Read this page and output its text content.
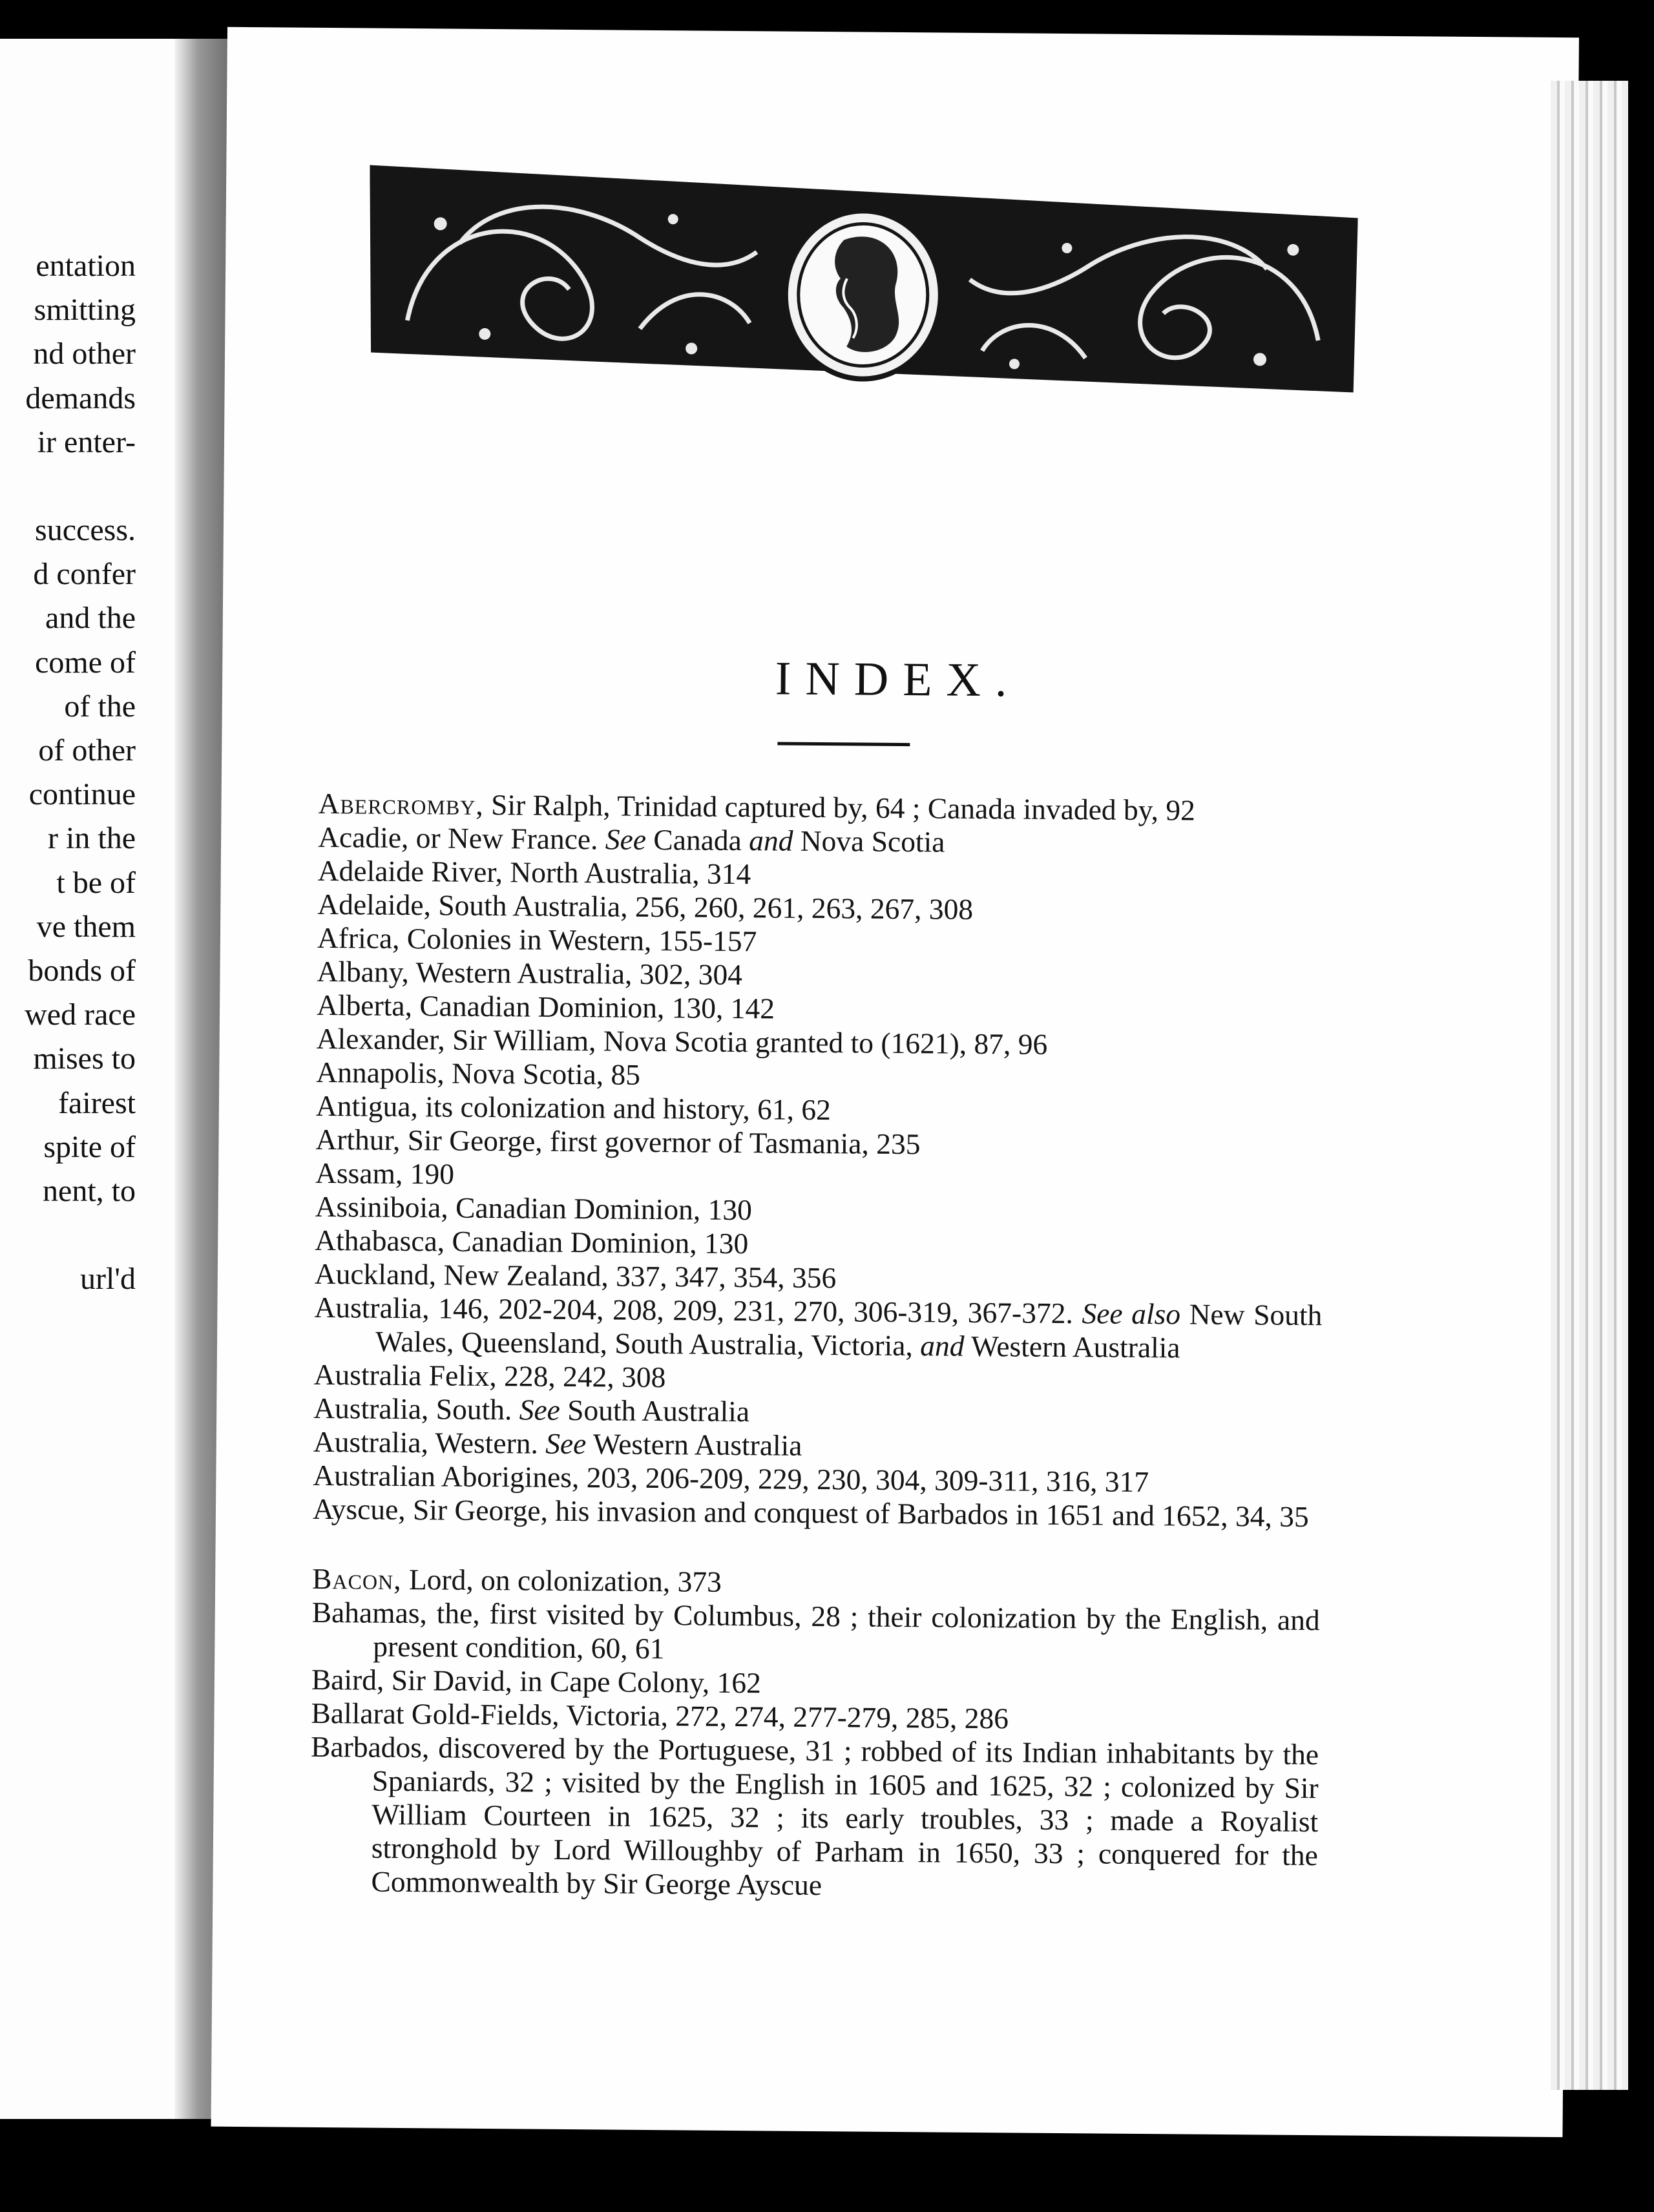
entation
smitting
nd other
demands
ir enter-
success.
d confer
and the
come of
of the
of other
continue
r in the
t be of
ve them
bonds of
wed race
mises to
fairest
spite of
nent, to
url'd
INDEX.
Abercromby, Sir Ralph, Trinidad captured by, 64 ; Canada invaded by, 92
Acadie, or New France. See Canada and Nova Scotia
Adelaide River, North Australia, 314
Adelaide, South Australia, 256, 260, 261, 263, 267, 308
Africa, Colonies in Western, 155-157
Albany, Western Australia, 302, 304
Alberta, Canadian Dominion, 130, 142
Alexander, Sir William, Nova Scotia granted to (1621), 87, 96
Annapolis, Nova Scotia, 85
Antigua, its colonization and history, 61, 62
Arthur, Sir George, first governor of Tasmania, 235
Assam, 190
Assiniboia, Canadian Dominion, 130
Athabasca, Canadian Dominion, 130
Auckland, New Zealand, 337, 347, 354, 356
Australia, 146, 202-204, 208, 209, 231, 270, 306-319, 367-372. See also New South Wales, Queensland, South Australia, Victoria, and Western Australia
Australia Felix, 228, 242, 308
Australia, South. See South Australia
Australia, Western. See Western Australia
Australian Aborigines, 203, 206-209, 229, 230, 304, 309-311, 316, 317
Ayscue, Sir George, his invasion and conquest of Barbados in 1651 and 1652, 34, 35
Bacon, Lord, on colonization, 373
Bahamas, the, first visited by Columbus, 28 ; their colonization by the English, and present condition, 60, 61
Baird, Sir David, in Cape Colony, 162
Ballarat Gold-Fields, Victoria, 272, 274, 277-279, 285, 286
Barbados, discovered by the Portuguese, 31 ; robbed of its Indian inhabitants by the Spaniards, 32 ; visited by the English in 1605 and 1625, 32 ; colonized by Sir William Courteen in 1625, 32 ; its early troubles, 33 ; made a Royalist stronghold by Lord Willoughby of Parham in 1650, 33 ; conquered for the Commonwealth by Sir George Ayscue
